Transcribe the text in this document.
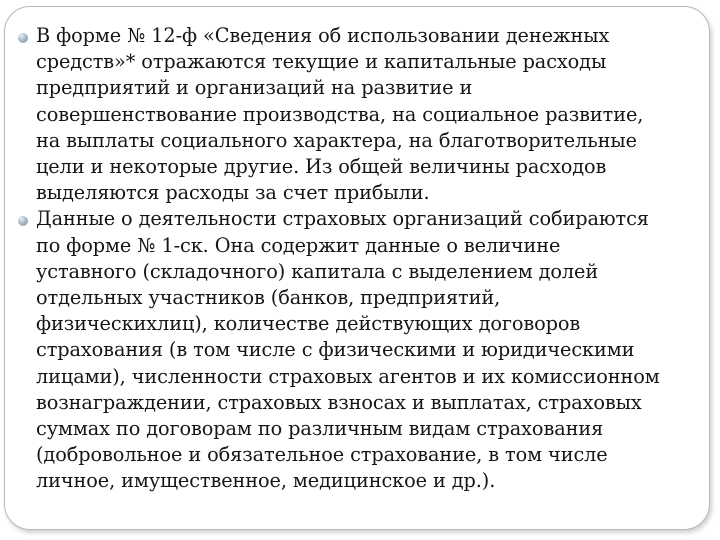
В форме № 12-ф «Сведения об использовании денежных
средств»* отражаются текущие и капитальные расходы
предприятий и организаций на развитие и
совершенствование производства, на социальное развитие,
на выплаты социального характера, на благотворительные
цели и некоторые другие. Из общей величины расходов
выделяются расходы за счет прибыли.

Данные о деятельности страховых организаций собираются
по форме № 1-ск. Она содержит данные о величине
уставного (складочного) капитала с выделением долей
отдельных участников (банков, предприятий,
физическихлиц), количестве действующих договоров
страхования (в том числе с физическими и юридическими
лицами), численности страховых агентов и их комиссионном
вознаграждении, страховых взносах и выплатах, страховых
суммах по договорам по различным видам страхования
(добровольное и обязательное страхование, в том числе
личное, имущественное, медицинское и др.).
